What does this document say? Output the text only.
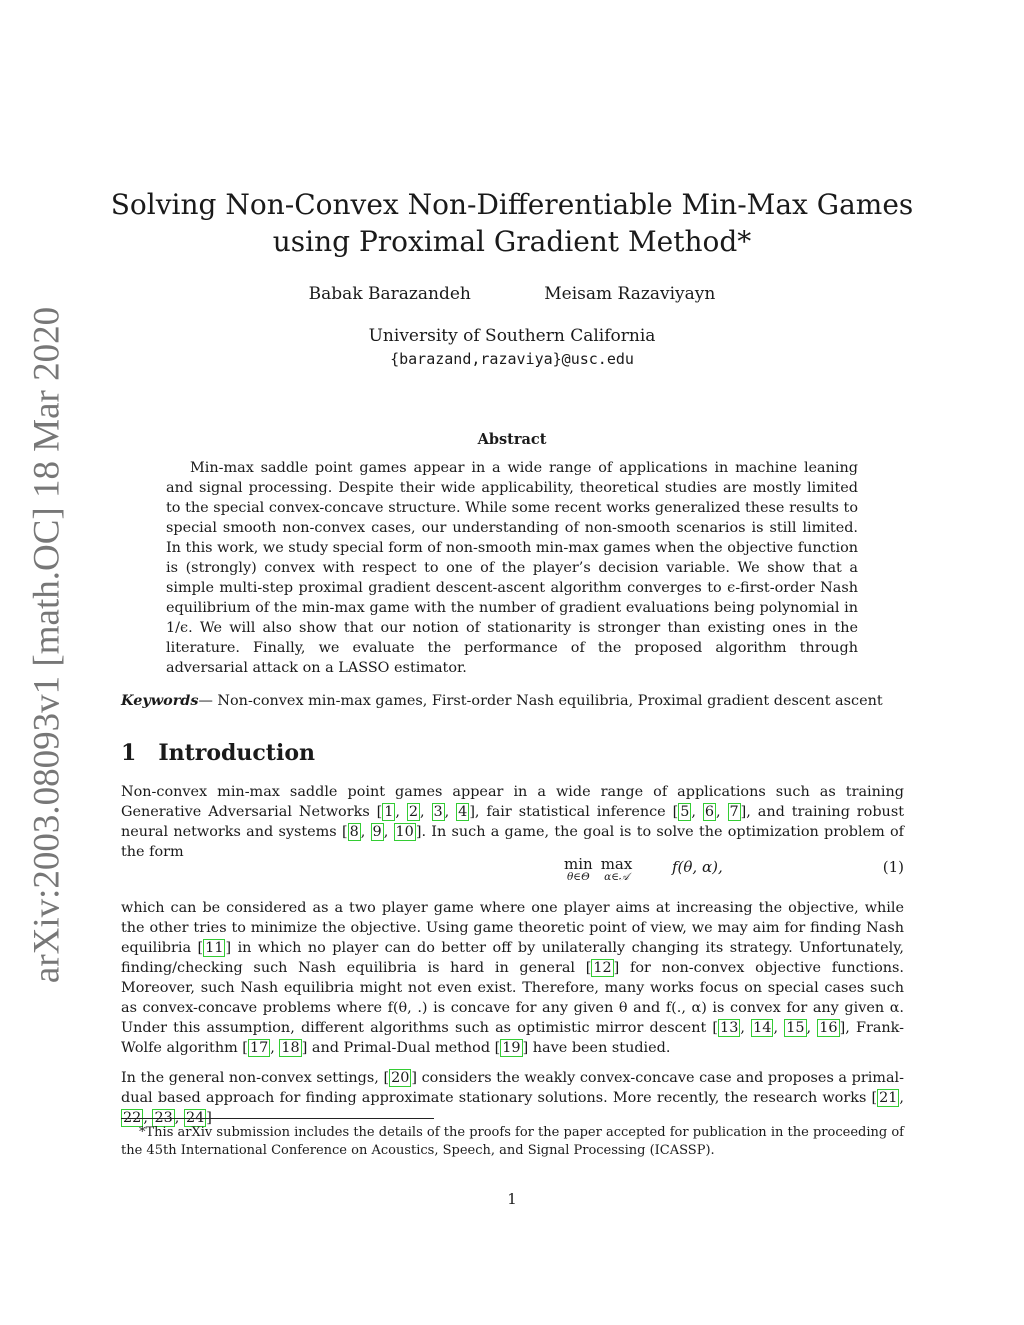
arXiv:2003.08093v1 [math.OC] 18 Mar 2020
Solving Non-Convex Non-Differentiable Min-Max Games using Proximal Gradient Method*
Babak Barazandeh	Meisam Razaviyayn
University of Southern California
{barazand,razaviya}@usc.edu
Abstract

Min-max saddle point games appear in a wide range of applications in machine leaning and signal processing. Despite their wide applicability, theoretical studies are mostly limited to the special convex-concave structure. While some recent works generalized these results to special smooth non-convex cases, our understanding of non-smooth scenarios is still limited. In this work, we study special form of non-smooth min-max games when the objective function is (strongly) convex with respect to one of the player’s decision variable. We show that a simple multi-step proximal gradient descent-ascent algorithm converges to ϵ-first-order Nash equilibrium of the min-max game with the number of gradient evaluations being polynomial in 1/ϵ. We will also show that our notion of stationarity is stronger than existing ones in the literature. Finally, we evaluate the performance of the proposed algorithm through adversarial attack on a LASSO estimator.

Keywords— Non-convex min-max games, First-order Nash equilibria, Proximal gradient descent ascent
1 Introduction

Non-convex min-max saddle point games appear in a wide range of applications such as training Generative Adversarial Networks [ 1 , 2 , 3 , 4 ], fair statistical inference [ 5 , 6 , 7 ], and training robust neural networks and systems [ 8 , 9 , 10 ]. In such a game, the goal is to solve the optimization problem of the form

min
θ∈Θ
max
α∈𝒜
f(θ, α),	(1)

which can be considered as a two player game where one player aims at increasing the objective, while the other tries to minimize the objective. Using game theoretic point of view, we may aim for finding Nash equilibria [ 11 ] in which no player can do better off by unilaterally changing its strategy. Unfortunately, finding/checking such Nash equilibria is hard in general [ 12 ] for non-convex objective functions. Moreover, such Nash equilibria might not even exist. Therefore, many works focus on special cases such as convex-concave problems where f(θ, .) is concave for any given θ and f(., α) is convex for any given α. Under this assumption, different algorithms such as optimistic mirror descent [ 13 , 14 , 15 , 16 ], Frank-Wolfe algorithm [ 17 , 18 ] and Primal-Dual method [ 19 ] have been studied.

In the general non-convex settings, [ 20 ] considers the weakly convex-concave case and proposes a primal-dual based approach for finding approximate stationary solutions. More recently, the research works [ 21 , 22 , 23 , 24 ]

*This arXiv submission includes the details of the proofs for the paper accepted for publication in the proceeding of the 45th International Conference on Acoustics, Speech, and Signal Processing (ICASSP).

1
